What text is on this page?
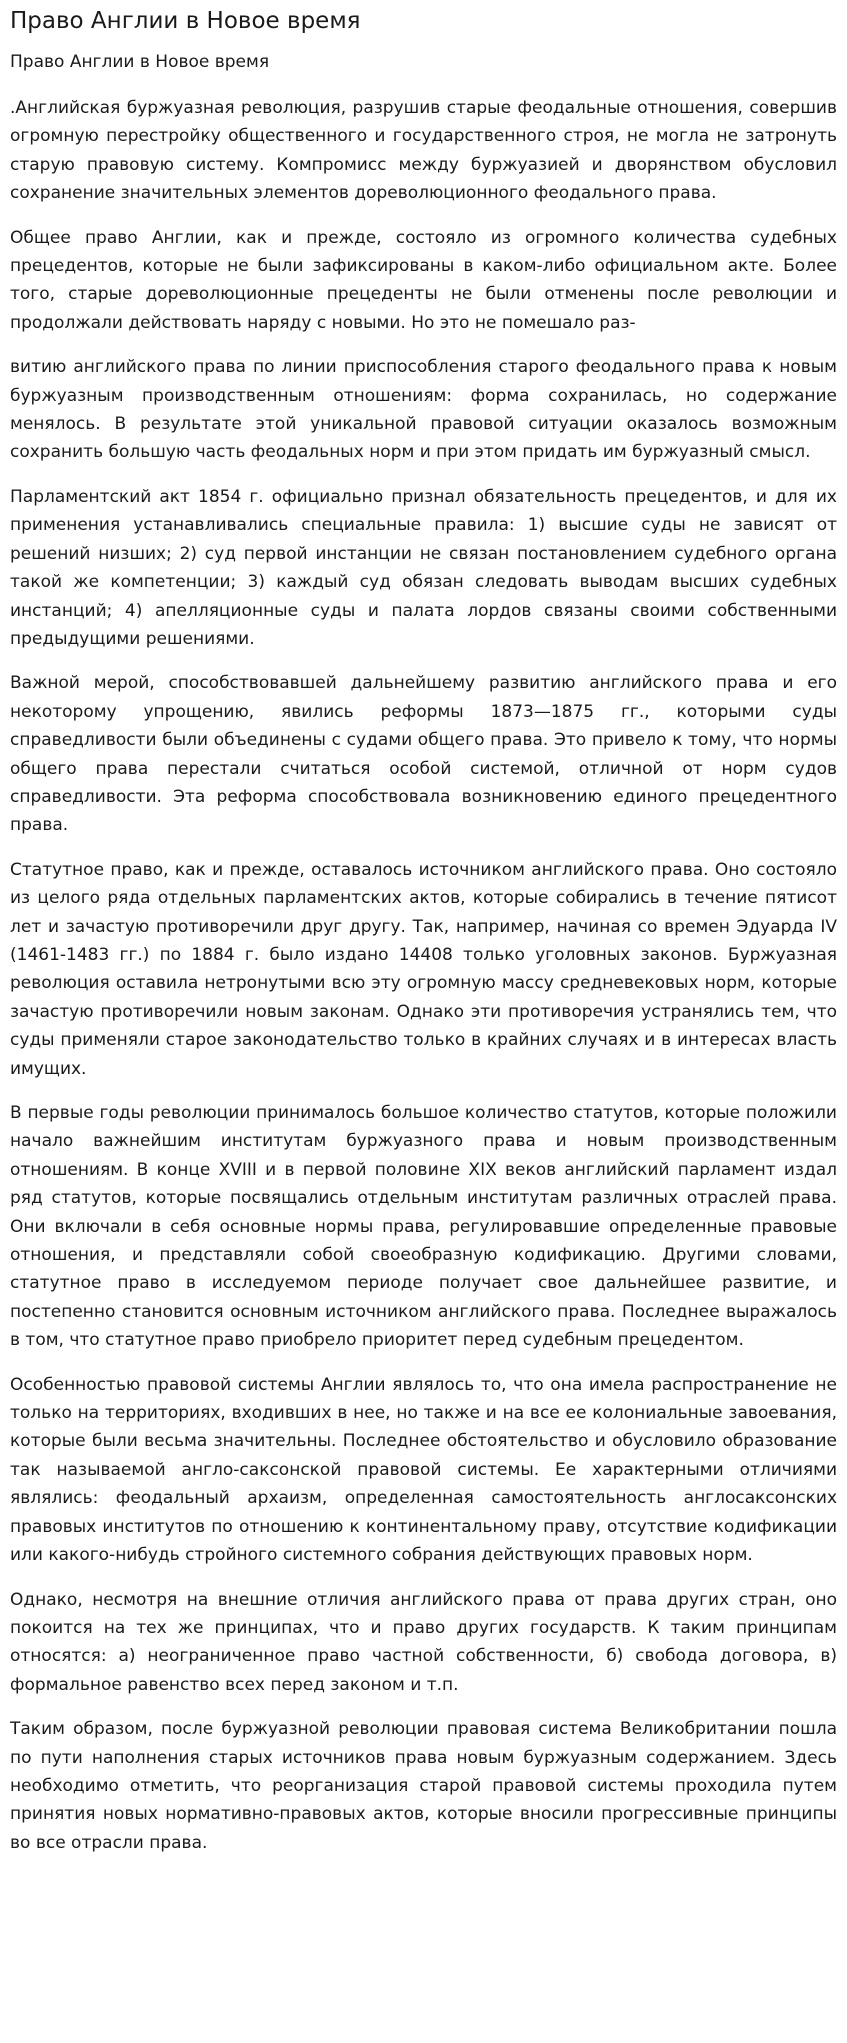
Право Англии в Новое время
Право Англии в Новое время

.Английская буржуазная революция, разрушив старые феодальные отношения, совершив огромную перестройку общественного и государственного строя, не могла не затронуть старую правовую систему. Компромисс между буржуазией и дворянством обусловил сохранение значительных элементов дореволюционного феодального права.

Общее право Англии, как и прежде, состояло из огромного количества судебных прецедентов, которые не были зафиксированы в каком-либо официальном акте. Более того, старые дореволюционные прецеденты не были отменены после революции и продолжали действовать наряду с новыми. Но это не помешало раз-

витию английского права по линии приспособления старого феодального права к новым буржуазным производственным отношениям: форма сохранилась, но содержание менялось. В результате этой уникальной правовой ситуации оказалось возможным сохранить большую часть феодальных норм и при этом придать им буржуазный смысл.

Парламентский акт 1854 г. официально признал обязательность прецедентов, и для их применения устанавливались специальные правила: 1) высшие суды не зависят от решений низших; 2) суд первой инстанции не связан постановлением судебного органа такой же компетенции; 3) каждый суд обязан следовать выводам высших судебных инстанций; 4) апелляционные суды и палата лордов связаны своими собственными предыдущими решениями.

Важной мерой, способствовавшей дальнейшему развитию английского права и его некоторому упрощению, явились реформы 1873—1875 гг., которыми суды справедливости были объединены с судами общего права. Это привело к тому, что нормы общего права перестали считаться особой системой, отличной от норм судов справедливости. Эта реформа способствовала возникновению единого прецедентного права.

Статутное право, как и прежде, оставалось источником английского права. Оно состояло из целого ряда отдельных парламентских актов, которые собирались в течение пятисот лет и зачастую противоречили друг другу. Так, например, начиная со времен Эдуарда IV (1461-1483 гг.) по 1884 г. было издано 14408 только уголовных законов. Буржуазная революция оставила нетронутыми всю эту огромную массу средневековых норм, которые зачастую противоречили новым законам. Однако эти противоречия устранялись тем, что суды применяли старое законодательство только в крайних случаях и в интересах власть имущих.

В первые годы революции принималось большое количество статутов, которые положили начало важнейшим институтам буржуазного права и новым производственным отношениям. В конце XVIII и в первой половине XIX веков английский парламент издал ряд статутов, которые посвящались отдельным институтам различных отраслей права. Они включали в себя основные нормы права, регулировавшие определенные правовые отношения, и представляли собой своеобразную кодификацию. Другими словами, статутное право в исследуемом периоде получает свое дальнейшее развитие, и постепенно становится основным источником английского права. Последнее выражалось в том, что статутное право приобрело приоритет перед судебным прецедентом.

Особенностью правовой системы Англии являлось то, что она имела распространение не только на территориях, входивших в нее, но также и на все ее колониальные завоевания, которые были весьма значительны. Последнее обстоятельство и обусловило образование так называемой англо-саксонской правовой системы. Ее характерными отличиями являлись: феодальный архаизм, определенная самостоятельность англосаксонских правовых институтов по отношению к континентальному праву, отсутствие кодификации или какого-нибудь стройного системного собрания действующих правовых норм.

Однако, несмотря на внешние отличия английского права от права других стран, оно покоится на тех же принципах, что и право других государств. К таким принципам относятся: а) неограниченное право частной собственности, б) свобода договора, в) формальное равенство всех перед законом и т.п.

Таким образом, после буржуазной революции правовая система Великобритании пошла по пути наполнения старых источников права новым буржуазным содержанием. Здесь необходимо отметить, что реорганизация старой правовой системы проходила путем принятия новых нормативно-правовых актов, которые вносили прогрессивные принципы во все отрасли права.
